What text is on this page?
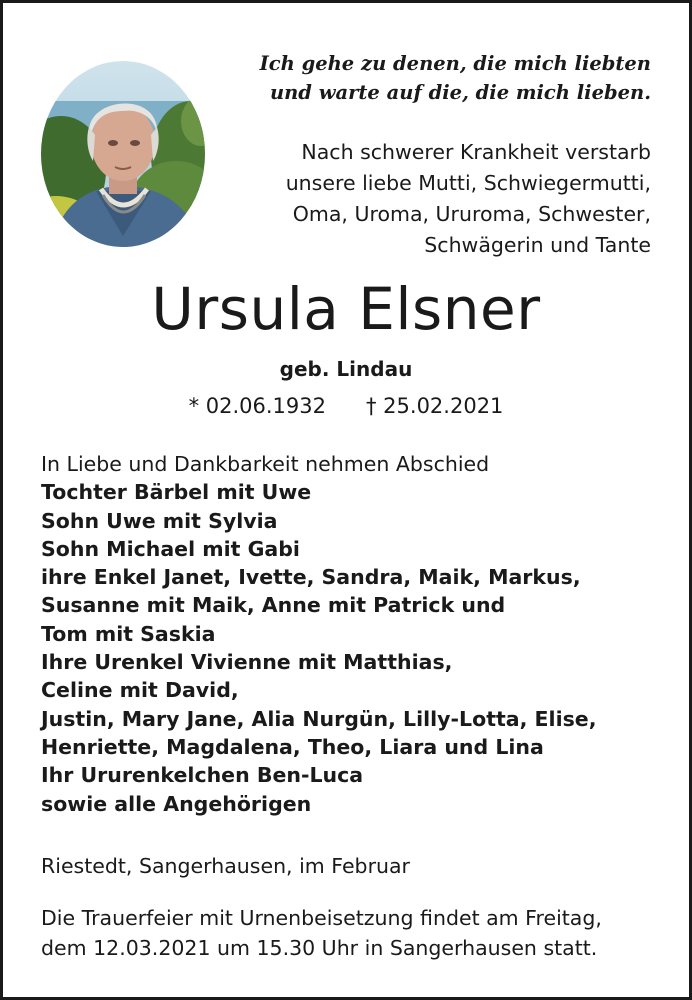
Ich gehe zu denen, die mich liebten
und warte auf die, die mich lieben.
Nach schwerer Krankheit verstarb
unsere liebe Mutti, Schwiegermutti,
Oma, Uroma, Ururoma, Schwester,
Schwägerin und Tante
Ursula Elsner
geb. Lindau
* 02.06.1932 † 25.02.2021
In Liebe und Dankbarkeit nehmen Abschied
Tochter Bärbel mit Uwe
Sohn Uwe mit Sylvia
Sohn Michael mit Gabi
ihre Enkel Janet, Ivette, Sandra, Maik, Markus,
Susanne mit Maik, Anne mit Patrick und
Tom mit Saskia
Ihre Urenkel Vivienne mit Matthias,
Celine mit David,
Justin, Mary Jane, Alia Nurgün, Lilly-Lotta, Elise,
Henriette, Magdalena, Theo, Liara und Lina
Ihr Ururenkelchen Ben-Luca
sowie alle Angehörigen
Riestedt, Sangerhausen, im Februar
Die Trauerfeier mit Urnenbeisetzung findet am Freitag,
dem 12.03.2021 um 15.30 Uhr in Sangerhausen statt.
